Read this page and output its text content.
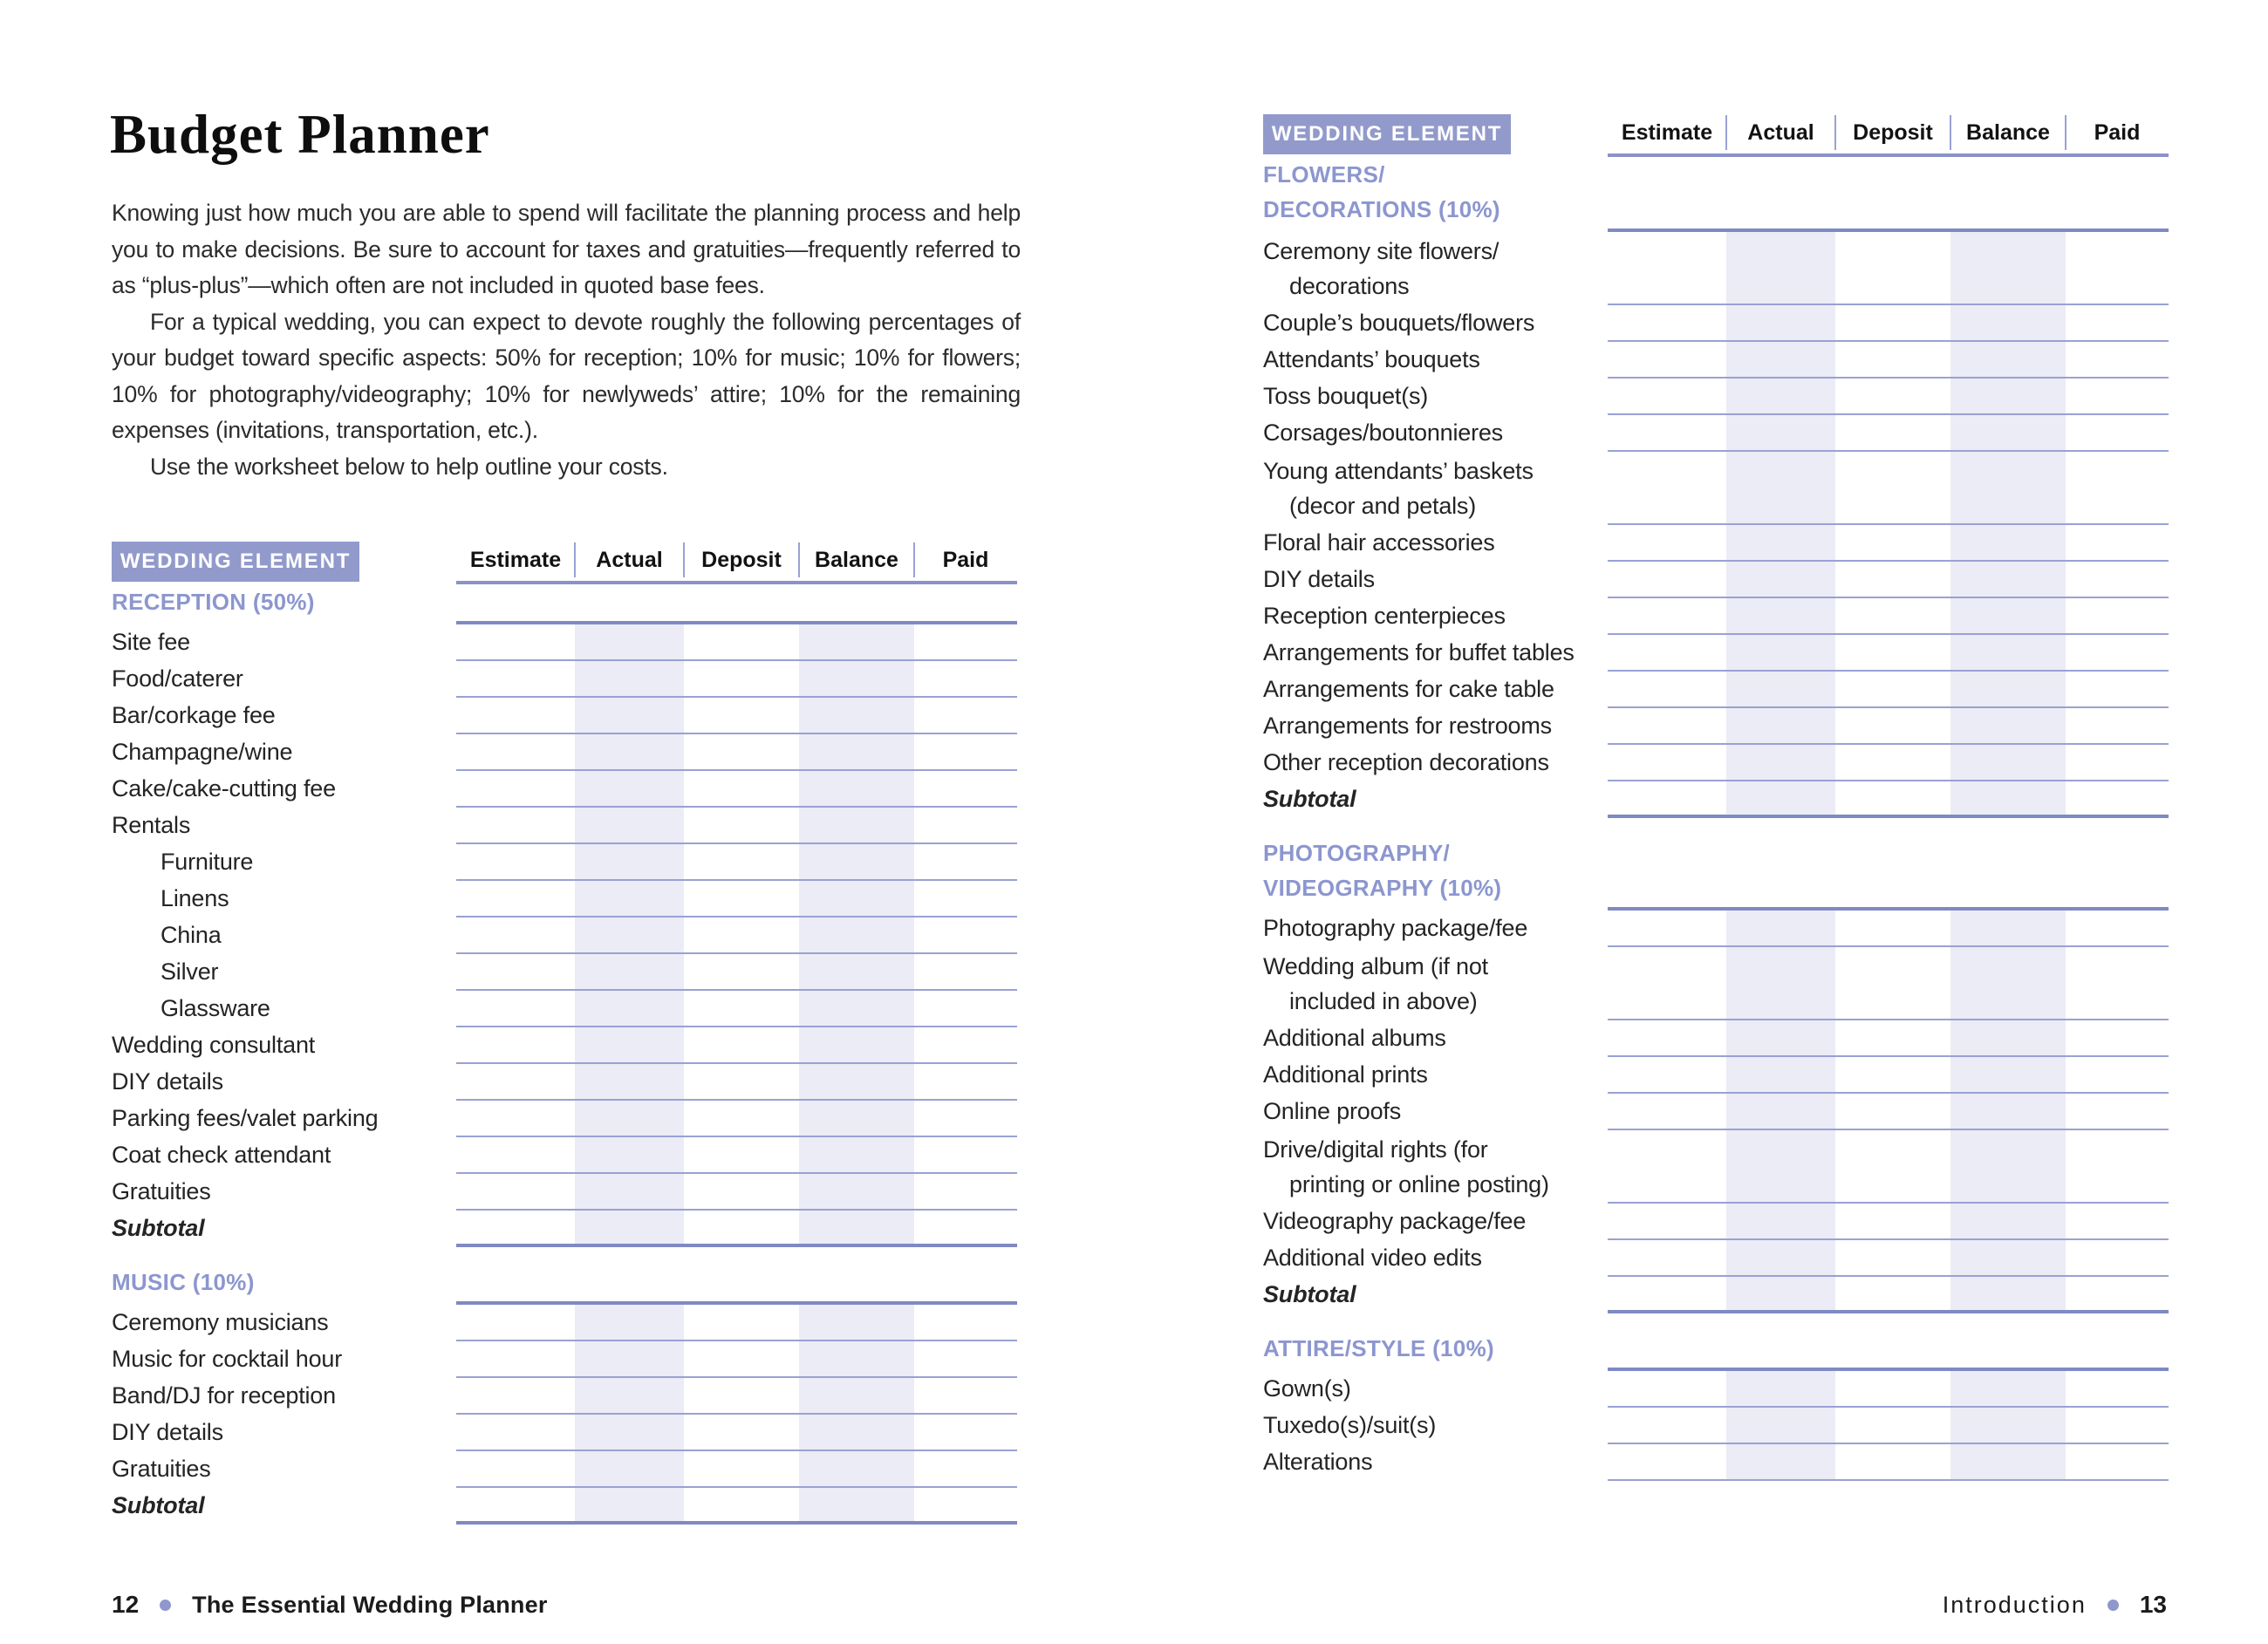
Budget Planner

Knowing just how much you are able to spend will facilitate the planning process and help you to make decisions. Be sure to account for taxes and gratuities—frequently referred to as “plus-plus”—which often are not included in quoted base fees.

For a typical wedding, you can expect to devote roughly the following percentages of your budget toward specific aspects: 50% for reception; 10% for music; 10% for flowers; 10% for photography/videography; 10% for newlyweds’ attire; 10% for the remaining expenses (invitations, transportation, etc.).

Use the worksheet below to help outline your costs.

WEDDING ELEMENT	Estimate	Actual	Deposit	Balance	Paid
RECEPTION (50%)
Site fee
Food/caterer
Bar/corkage fee
Champagne/wine
Cake/cake-cutting fee
Rentals
Furniture
Linens
China
Silver
Glassware
Wedding consultant
DIY details
Parking fees/valet parking
Coat check attendant
Gratuities
Subtotal
MUSIC (10%)
Ceremony musicians
Music for cocktail hour
Band/DJ for reception
DIY details
Gratuities
Subtotal
WEDDING ELEMENT	Estimate	Actual	Deposit	Balance	Paid
FLOWERS/
DECORATIONS (10%)
Ceremony site flowers/
decorations
Couple’s bouquets/flowers
Attendants’ bouquets
Toss bouquet(s)
Corsages/boutonnieres
Young attendants’ baskets
(decor and petals)
Floral hair accessories
DIY details
Reception centerpieces
Arrangements for buffet tables
Arrangements for cake table
Arrangements for restrooms
Other reception decorations
Subtotal
PHOTOGRAPHY/
VIDEOGRAPHY (10%)
Photography package/fee
Wedding album (if not
included in above)
Additional albums
Additional prints
Online proofs
Drive/digital rights (for
printing or online posting)
Videography package/fee
Additional video edits
Subtotal
ATTIRE/STYLE (10%)
Gown(s)
Tuxedo(s)/suit(s)
Alterations
12 The Essential Wedding Planner	Introduction 13
